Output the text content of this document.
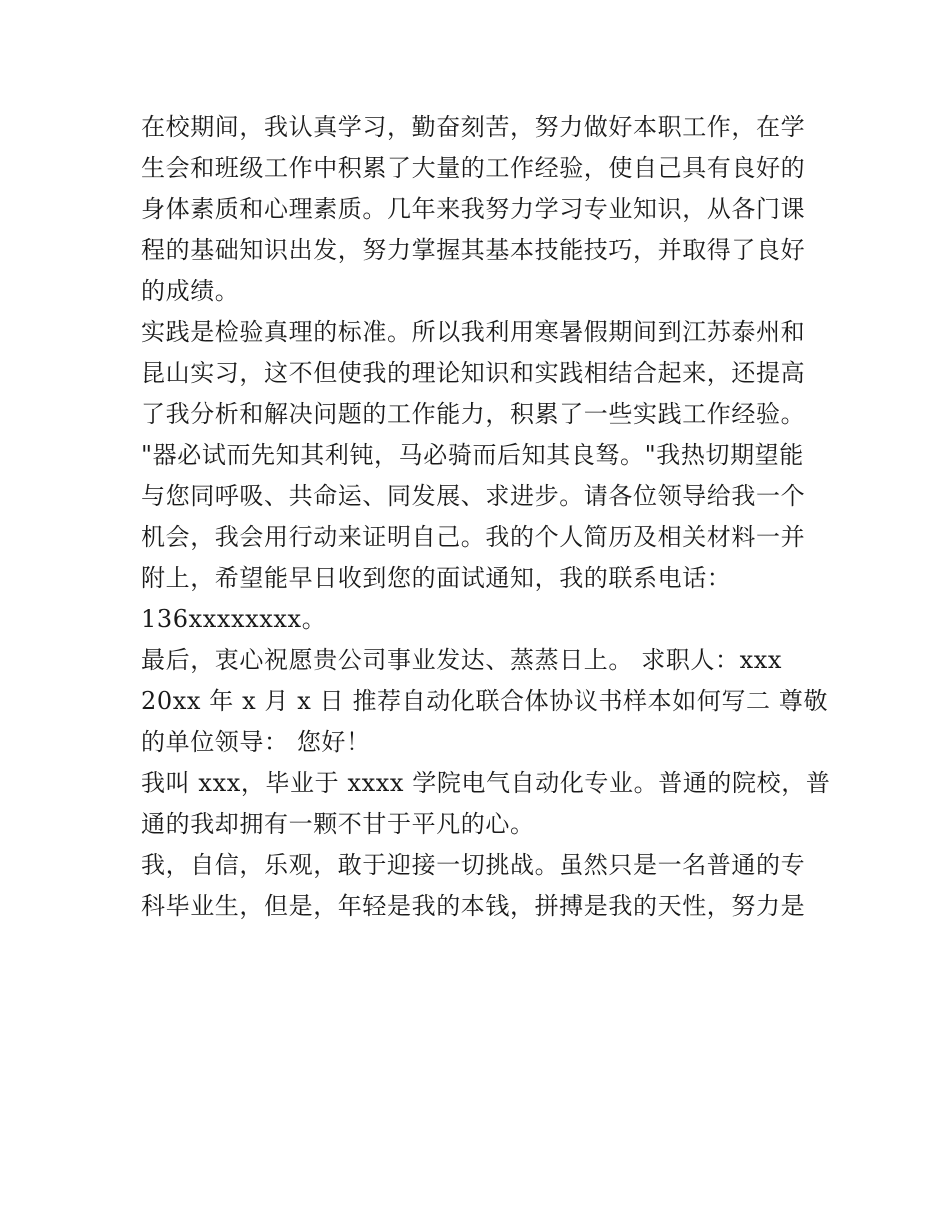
在校期间，我认真学习，勤奋刻苦，努力做好本职工作，在学
生会和班级工作中积累了大量的工作经验，使自己具有良好的
身体素质和心理素质。几年来我努力学习专业知识，从各门课
程的基础知识出发，努力掌握其基本技能技巧，并取得了良好
的成绩。
实践是检验真理的标准。所以我利用寒暑假期间到江苏泰州和
昆山实习，这不但使我的理论知识和实践相结合起来，还提高
了我分析和解决问题的工作能力，积累了一些实践工作经验。
"器必试而先知其利钝，马必骑而后知其良驽。"我热切期望能
与您同呼吸、共命运、同发展、求进步。请各位领导给我一个
机会，我会用行动来证明自己。我的个人简历及相关材料一并
附上，希望能早日收到您的面试通知，我的联系电话：
136xxxxxxxx。
最后，衷心祝愿贵公司事业发达、蒸蒸日上。 求职人：xxx
20xx 年 x 月 x 日 推荐自动化联合体协议书样本如何写二 尊敬
的单位领导： 您好！
我叫 xxx，毕业于 xxxx 学院电气自动化专业。普通的院校，普
通的我却拥有一颗不甘于平凡的心。
我，自信，乐观，敢于迎接一切挑战。虽然只是一名普通的专
科毕业生，但是，年轻是我的本钱，拼搏是我的天性，努力是
